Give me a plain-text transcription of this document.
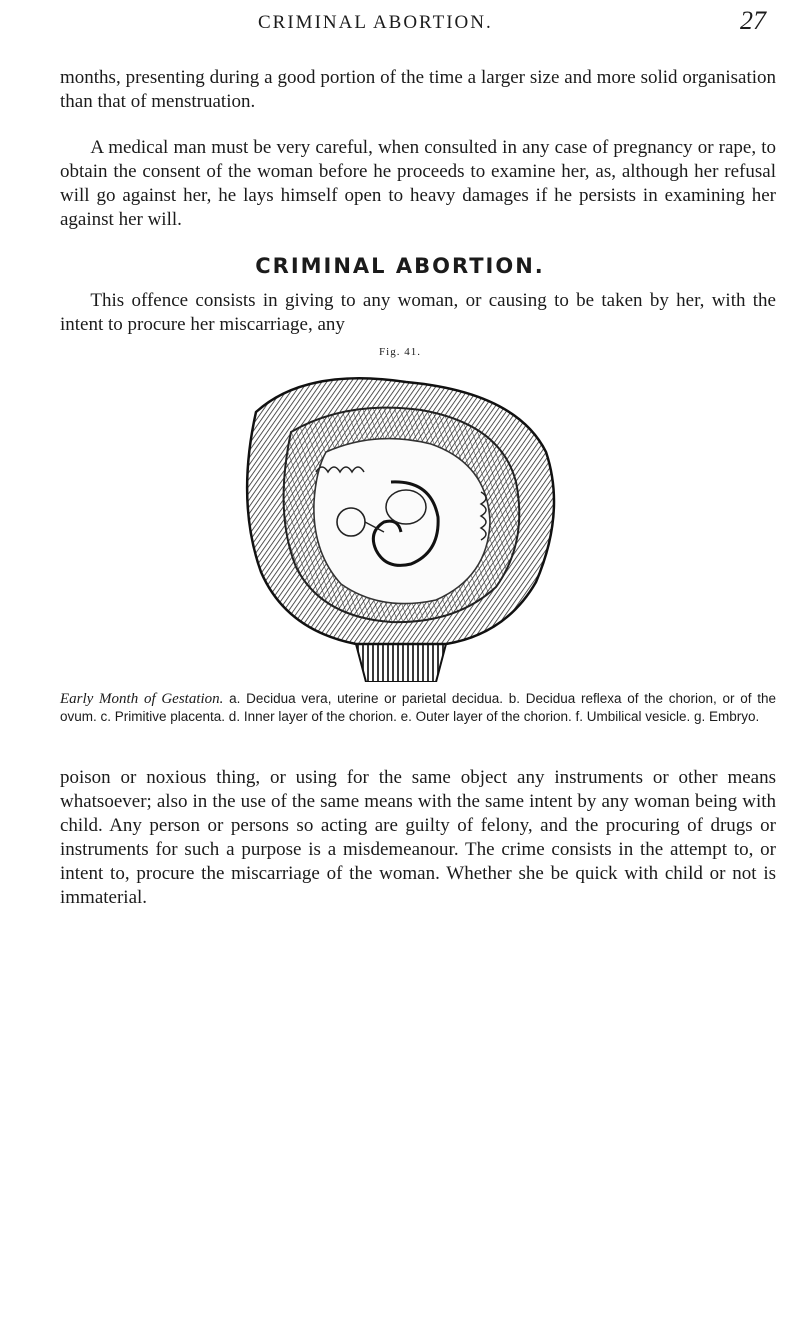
CRIMINAL ABORTION.	27

months, presenting during a good portion of the time a larger size and more solid organisation than that of menstruation.

A medical man must be very careful, when consulted in any case of pregnancy or rape, to obtain the consent of the woman before he proceeds to examine her, as, although her refusal will go against her, he lays himself open to heavy damages if he persists in examining her against her will.

CRIMINAL ABORTION.

This offence consists in giving to any woman, or causing to be taken by her, with the intent to procure her miscarriage, any

Fig. 41.

Early Month of Gestation. a. Decidua vera, uterine or parietal decidua. b. Decidua reflexa of the chorion, or of the ovum. c. Primitive placenta. d. Inner layer of the chorion. e. Outer layer of the chorion. f. Umbilical vesicle. g. Embryo.

poison or noxious thing, or using for the same object any instruments or other means whatsoever; also in the use of the same means with the same intent by any woman being with child. Any person or persons so acting are guilty of felony, and the procuring of drugs or instruments for such a purpose is a misdemeanour. The crime consists in the attempt to, or intent to, procure the miscarriage of the woman. Whether she be quick with child or not is immaterial.
